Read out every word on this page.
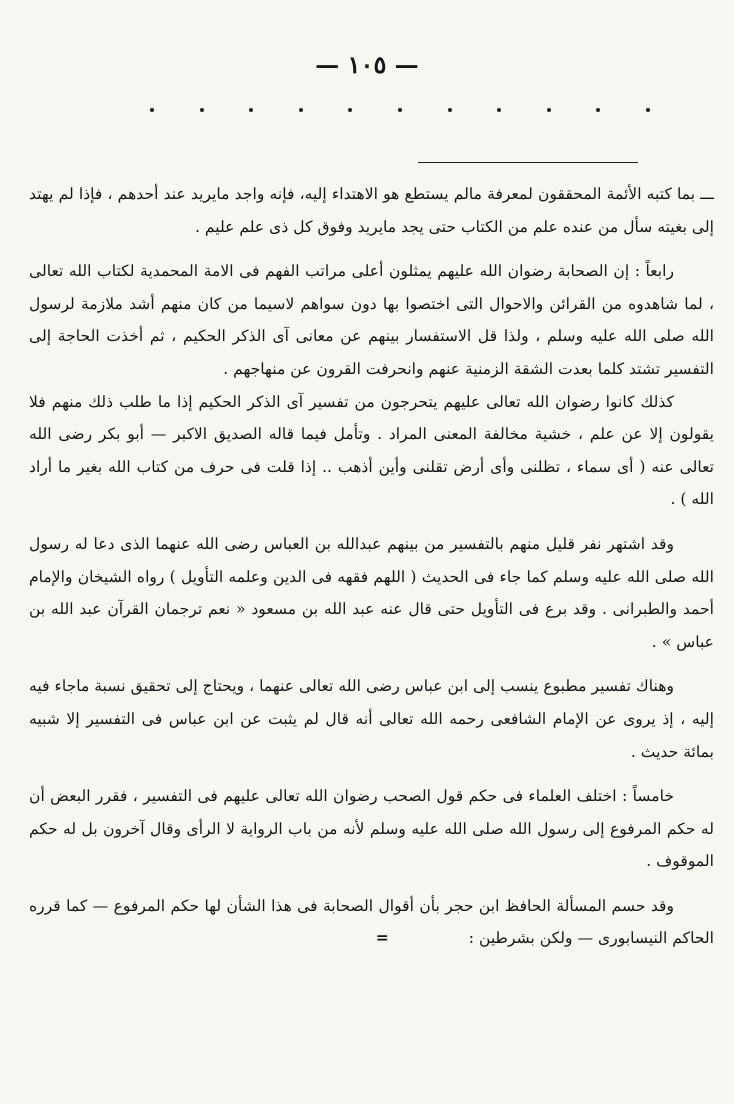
— ١٠٥ —

ـــ بما كتبه الأئمة المحققون لمعرفة مالم يستطع هو الاهتداء إليه، فإنه واجد مايريد عند أحدهم ، فإذا لم يهتد إلى بغيته سأل من عنده علم من الكتاب حتى يجد مايريد وفوق كل ذى علم عليم .

رابعاً : إن الصحابة رضوان الله عليهم يمثلون أعلى مراتب الفهم فى الامة المحمدية لكتاب الله تعالى ، لما شاهدوه من القرائن والاحوال التى اختصوا بها دون سواهم لاسيما من كان منهم أشد ملازمة لرسول الله صلى الله عليه وسلم ، ولذا قل الاستفسار بينهم عن معانى آى الذكر الحكيم ، ثم أخذت الحاجة إلى التفسير تشتد كلما بعدت الشقة الزمنية عنهم وانحرفت القرون عن منهاجهم .

كذلك كانوا رضوان الله تعالى عليهم يتحرجون من تفسير آى الذكر الحكيم إذا ما طلب ذلك منهم فلا يقولون إلا عن علم ، خشية مخالفة المعنى المراد . وتأمل فيما قاله الصديق الاكبر — أبو بكر رضى الله تعالى عنه ( أى سماء ، تظلنى وأى أرض تقلنى وأين أذهب .. إذا قلت فى حرف من كتاب الله بغير ما أراد الله ) .

وقد اشتهر نفر قليل منهم بالتفسير من بينهم عبدالله بن العباس رضى الله عنهما الذى دعا له رسول الله صلى الله عليه وسلم كما جاء فى الحديث ( اللهم فقهه فى الدين وعلمه التأويل ) رواه الشيخان والإمام أحمد والطبرانى . وقد برع فى التأويل حتى قال عنه عبد الله بن مسعود « نعم ترجمان القرآن عبد الله بن عباس » .

وهناك تفسير مطبوع ينسب إلى ابن عباس رضى الله تعالى عنهما ، ويحتاج إلى تحقيق نسبة ماجاء فيه إليه ، إذ يروى عن الإمام الشافعى رحمه الله تعالى أنه قال لم يثبت عن ابن عباس فى التفسير إلا شبيه بمائة حديث .

خامساً : اختلف العلماء فى حكم قول الصحب رضوان الله تعالى عليهم فى التفسير ، فقرر البعض أن له حكم المرفوع إلى رسول الله صلى الله عليه وسلم لأنه من باب الرواية لا الرأى وقال آخرون بل له حكم الموقوف .

وقد حسم المسألة الحافظ ابن حجر بأن أقوال الصحابة فى هذا الشأن لها حكم المرفوع — كما قرره الحاكم النيسابورى — ولكن بشرطين :=
